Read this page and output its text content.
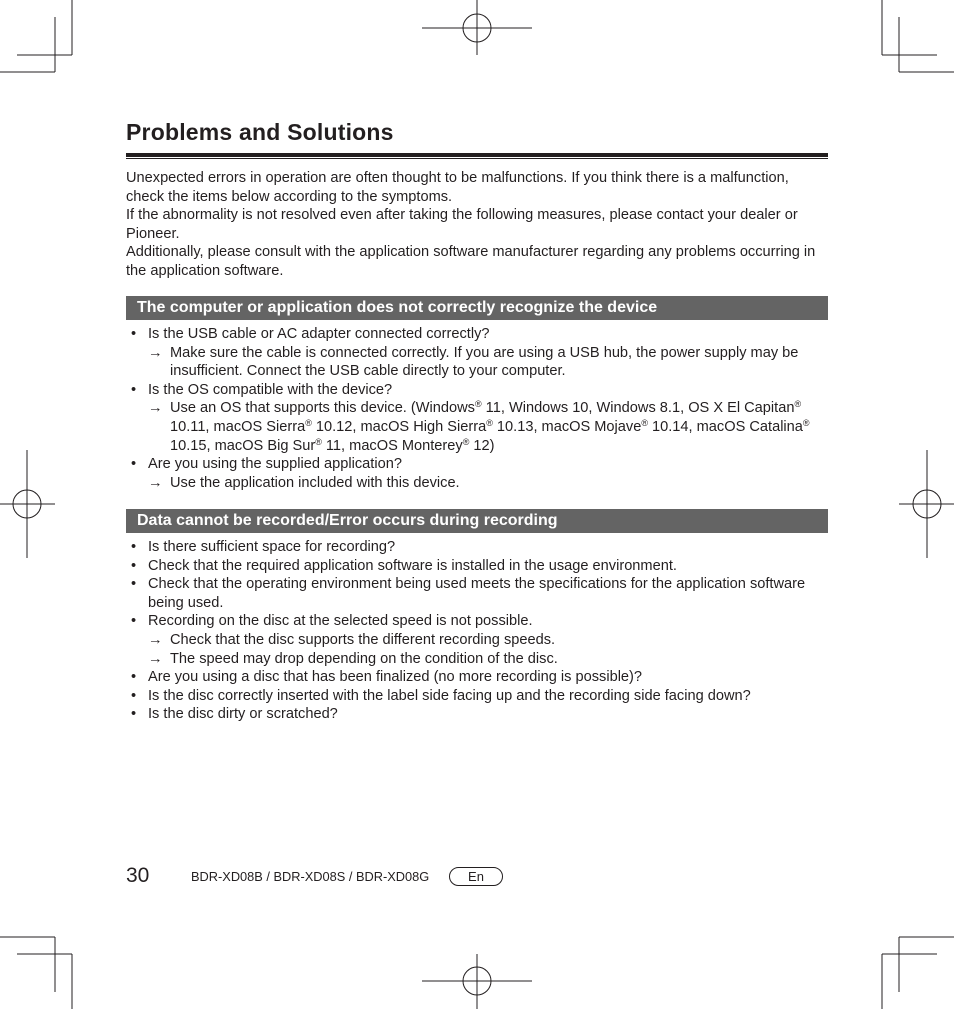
Problems and Solutions

Unexpected errors in operation are often thought to be malfunctions. If you think there is a malfunction, check the items below according to the symptoms.

If the abnormality is not resolved even after taking the following measures, please contact your dealer or Pioneer.

Additionally, please consult with the application software manufacturer regarding any problems occurring in the application software.

The computer or application does not correctly recognize the device
• Is the USB cable or AC adapter connected correctly?
→ Make sure the cable is connected correctly. If you are using a USB hub, the power supply may be insufficient. Connect the USB cable directly to your computer.
• Is the OS compatible with the device?
→ Use an OS that supports this device. (Windows® 11, Windows 10, Windows 8.1, OS X El Capitan® 10.11, macOS Sierra® 10.12, macOS High Sierra® 10.13, macOS Mojave® 10.14, macOS Catalina® 10.15, macOS Big Sur® 11, macOS Monterey® 12)
• Are you using the supplied application?
→ Use the application included with this device.
Data cannot be recorded/Error occurs during recording
• Is there sufficient space for recording?
• Check that the required application software is installed in the usage environment.
• Check that the operating environment being used meets the specifications for the application software being used.
• Recording on the disc at the selected speed is not possible.
→ Check that the disc supports the different recording speeds.
→ The speed may drop depending on the condition of the disc.
• Are you using a disc that has been finalized (no more recording is possible)?
• Is the disc correctly inserted with the label side facing up and the recording side facing down?
• Is the disc dirty or scratched?
30	BDR-XD08B / BDR-XD08S / BDR-XD08G	En
